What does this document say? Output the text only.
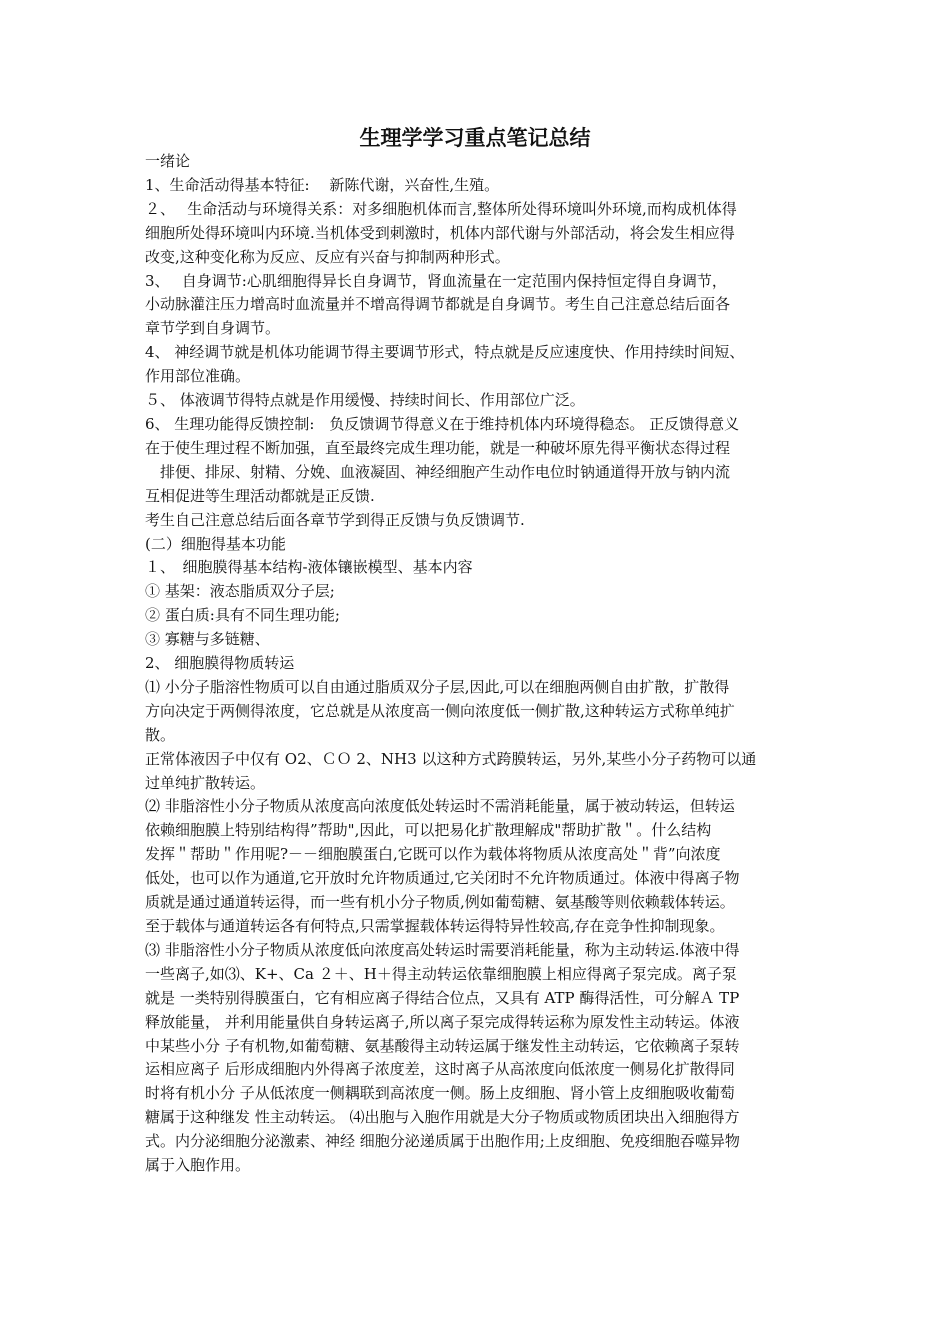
生理学学习重点笔记总结

一绪论

1、生命活动得基本特征:　 新陈代谢，兴奋性,生殖。

２、　 生命活动与环境得关系：对多细胞机体而言,整体所处得环境叫外环境,而构成机体得

细胞所处得环境叫内环境.当机体受到刺激时，机体内部代谢与外部活动，将会发生相应得

改变,这种变化称为反应、反应有兴奋与抑制两种形式。

3、　 自身调节:心肌细胞得异长自身调节，肾血流量在一定范围内保持恒定得自身调节，

小动脉灌注压力增高时血流量并不增高得调节都就是自身调节。考生自己注意总结后面各

章节学到自身调节。

4、 神经调节就是机体功能调节得主要调节形式，特点就是反应速度快、作用持续时间短、

作用部位准确。

５、 体液调节得特点就是作用缓慢、持续时间长、作用部位广泛。

6、 生理功能得反馈控制:　负反馈调节得意义在于维持机体内环境得稳态。 正反馈得意义

在于使生理过程不断加强，直至最终完成生理功能，就是一种破坏原先得平衡状态得过程

　排便、排尿、射精、分娩、血液凝固、神经细胞产生动作电位时钠通道得开放与钠内流

互相促进等生理活动都就是正反馈.

考生自己注意总结后面各章节学到得正反馈与负反馈调节.

(二）细胞得基本功能

１、　细胞膜得基本结构-液体镶嵌模型、基本内容

① 基架：液态脂质双分子层;

② 蛋白质:具有不同生理功能;

③ 寡糖与多链糖、

2、 细胞膜得物质转运

⑴ 小分子脂溶性物质可以自由通过脂质双分子层,因此,可以在细胞两侧自由扩散，扩散得

方向决定于两侧得浓度，它总就是从浓度高一侧向浓度低一侧扩散,这种转运方式称单纯扩

散。

正常体液因子中仅有 O2、ＣＯ 2、NH3 以这种方式跨膜转运，另外,某些小分子药物可以通

过单纯扩散转运。

⑵ 非脂溶性小分子物质从浓度高向浓度低处转运时不需消耗能量，属于被动转运，但转运

依赖细胞膜上特别结构得”帮助",因此，可以把易化扩散理解成"帮助扩散＂。什么结构

发挥＂帮助＂作用呢?－－细胞膜蛋白,它既可以作为载体将物质从浓度高处＂背”向浓度

低处，也可以作为通道,它开放时允许物质通过,它关闭时不允许物质通过。体液中得离子物

质就是通过通道转运得，而一些有机小分子物质,例如葡萄糖、氨基酸等则依赖载体转运。

至于载体与通道转运各有何特点,只需掌握载体转运得特异性较高,存在竞争性抑制现象。

⑶ 非脂溶性小分子物质从浓度低向浓度高处转运时需要消耗能量，称为主动转运.体液中得

一些离子,如⑶、K+、Ca ２＋、H＋得主动转运依靠细胞膜上相应得离子泵完成。离子泵

就是 一类特别得膜蛋白，它有相应离子得结合位点，又具有 ATP 酶得活性，可分解Ａ TP

释放能量， 并利用能量供自身转运离子,所以离子泵完成得转运称为原发性主动转运。体液

中某些小分 子有机物,如葡萄糖、氨基酸得主动转运属于继发性主动转运，它依赖离子泵转

运相应离子 后形成细胞内外得离子浓度差，这时离子从高浓度向低浓度一侧易化扩散得同

时将有机小分 子从低浓度一侧耦联到高浓度一侧。肠上皮细胞、肾小管上皮细胞吸收葡萄

糖属于这种继发 性主动转运。 ⑷出胞与入胞作用就是大分子物质或物质团块出入细胞得方

式。内分泌细胞分泌激素、神经 细胞分泌递质属于出胞作用;上皮细胞、免疫细胞吞噬异物

属于入胞作用。
